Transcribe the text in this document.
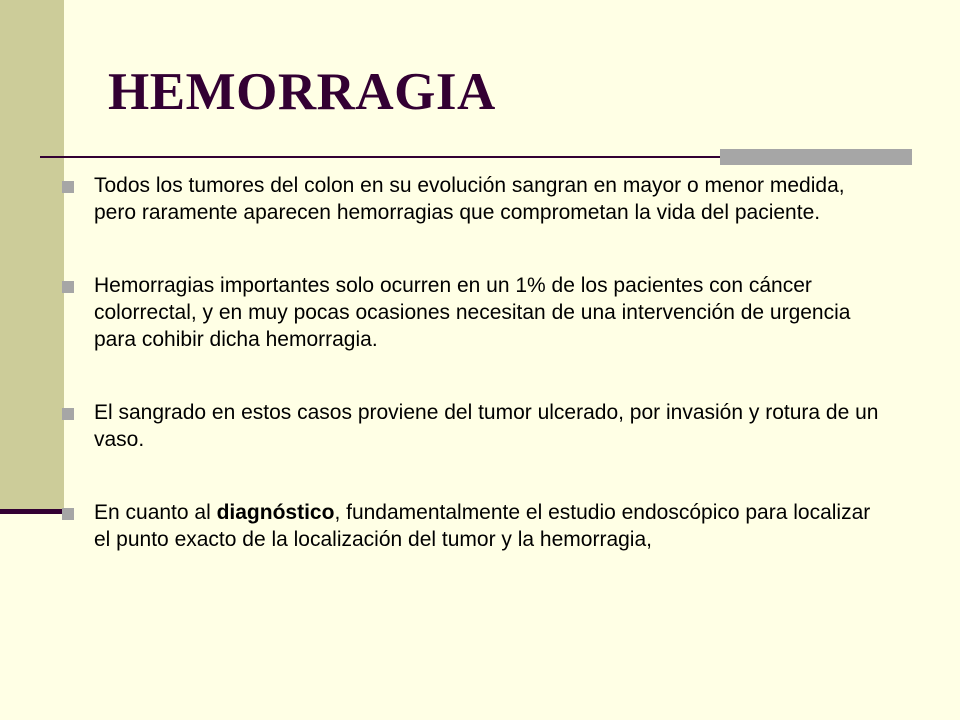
HEMORRAGIA
Todos los tumores del colon en su evolución sangran en mayor o menor medida, pero raramente aparecen hemorragias que comprometan la vida del paciente.
Hemorragias importantes solo ocurren en un 1% de los pacientes con cáncer colorrectal, y en muy pocas ocasiones necesitan de una intervención de urgencia para cohibir dicha hemorragia.
El sangrado en estos casos proviene del tumor ulcerado, por invasión y rotura de un vaso.
En cuanto al diagnóstico, fundamentalmente el estudio endoscópico para localizar el punto exacto de la localización del tumor y la hemorragia,
